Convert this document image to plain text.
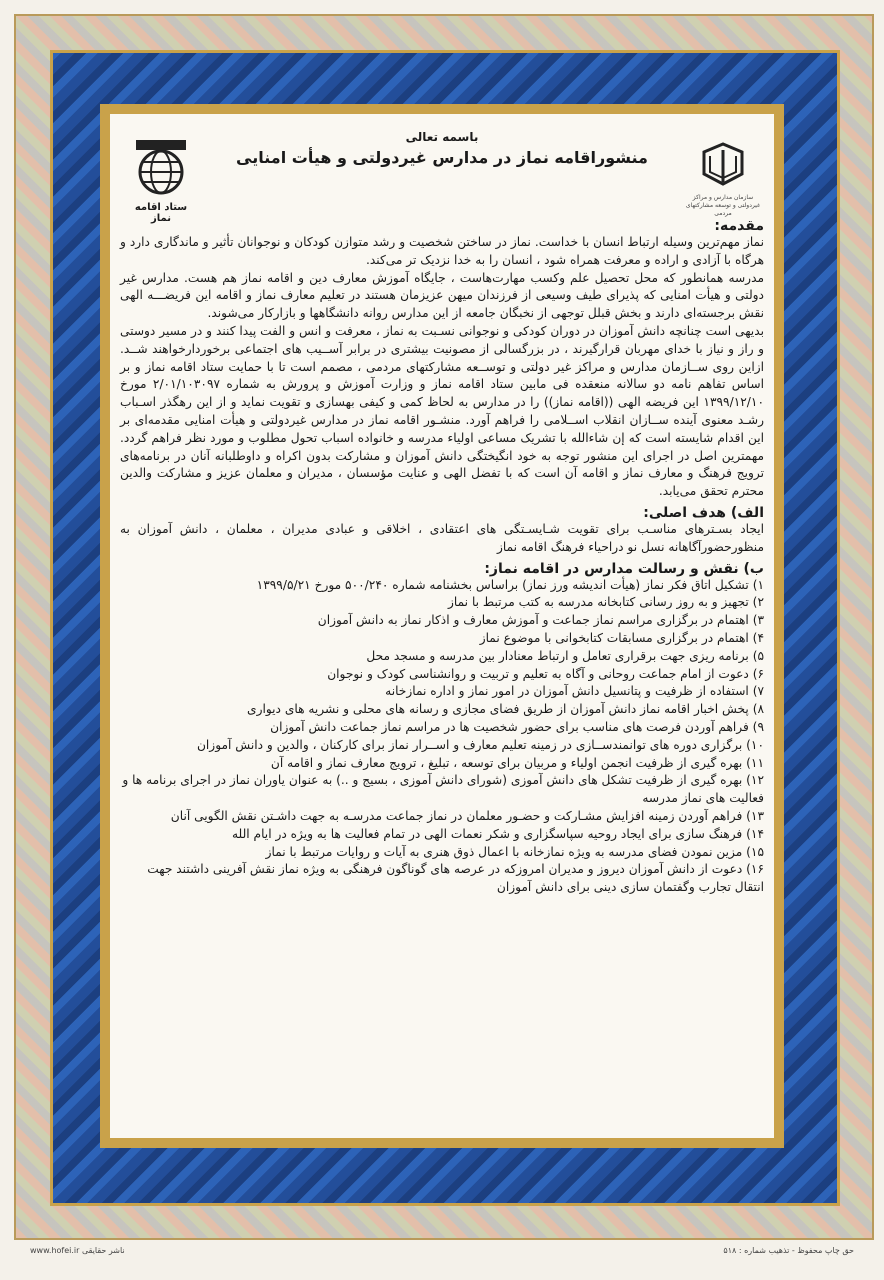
سازمان مدارس و مراکز غیردولتی و توسعه مشارکتهای مردمی
باسمه تعالی
منشوراقامه نماز در مدارس غیردولتی و هیأت امنایی
ستاد اقامه نماز	مقدمه:

نماز مهم‌ترین وسیله ارتباط انسان با خداست. نماز در ساختن شخصیت و رشد متوازن کودکان و نوجوانان تأثیر و ماندگاری دارد و هرگاه با آزادی و اراده و معرفت همراه شود ، انسان را به خدا نزدیک تر می‌کند.

مدرسه همانطور که محل تحصیل علم وکسب مهارت‌هاست ، جایگاه آموزش معارف دین و اقامه نماز هم هست. مدارس غیر دولتی و هیأت امنایی که پذیرای طیف وسیعی از فرزندان میهن عزیزمان هستند در تعلیم معارف نماز و اقامه این فریضـــه الهی نقش برجسته‌ای دارند و بخش قبلل توجهی از نخبگان جامعه از این مدارس روانه دانشگاهها و بازارکار می‌شوند.

بدیهی است چنانچه دانش آموزان در دوران کودکی و نوجوانی نسـبت به نماز ، معرفت و انس و الفت پیدا کنند و در مسیر دوستی و راز و نیاز با خدای مهربان قرارگیرند ، در بزرگسالی از مصونیت بیشتری در برابر آســیب های اجتماعی برخوردارخواهند شــد. ازاین روی ســازمان مدارس و مراکز غیر دولتی و توســعه مشارکتهای مردمی ، مصمم است تا با حمایت ستاد اقامه نماز و بر اساس تفاهم نامه دو سالانه منعقده فی مابین ستاد اقامه نماز و وزارت آموزش و پرورش به شماره ۲/۰۱/۱۰۳۰۹۷ مورخ ۱۳۹۹/۱۲/۱۰ این فریضه الهی ((اقامه نماز)) را در مدارس به لحاظ کمی و کیفی بهسازی و تقویت نماید و از این رهگذر اسـباب رشـد معنوی آینده ســازان انقلاب اســلامی را فراهم آورد. منشـور اقامه نماز در مدارس غیردولتی و هیأت امنایی مقدمه‌ای بر این اقدام شایسته است که إن شاءالله با تشریک مساعی اولیاء مدرسه و خانواده اسباب تحول مطلوب و مورد نظر فراهم گردد. مهمترین اصل در اجرای این منشور توجه به خود انگیختگی دانش آموزان و مشارکت بدون اکراه و داوطلبانه آنان در برنامه‌های ترویج فرهنگ و معارف نماز و اقامه آن است که با تفضل الهی و عنایت مؤسسان ، مدیران و معلمان عزیز و مشارکت والدین محترم تحقق می‌یابد.

الف) هدف اصلی:

ایجاد بسـترهای مناسـب برای تقویت شـایسـتگی های اعتقادی ، اخلاقی و عبادی مدیران ، معلمان ، دانش آموزان به منظورحضورآگاهانه نسل نو دراحیاء فرهنگ اقامه نماز

ب) نقش و رسالت مدارس در اقامه نماز:
۱) تشکیل اتاق فکر نماز (هیأت اندیشه ورز نماز) براساس بخشنامه شماره ۵۰۰/۲۴۰ مورخ ۱۳۹۹/۵/۲۱
۲) تجهیز و به روز رسانی کتابخانه مدرسه به کتب مرتبط با نماز
۳) اهتمام در برگزاری مراسم نماز جماعت و آموزش معارف و اذکار نماز به دانش آموزان
۴) اهتمام در برگزاری مسابقات کتابخوانی با موضوع نماز
۵) برنامه ریزی جهت برقراری تعامل و ارتباط معنادار بین مدرسه و مسجد محل
۶) دعوت از امام جماعت روحانی و آگاه به تعلیم و تربیت و روانشناسی کودک و نوجوان
۷) استفاده از ظرفیت و پتانسیل دانش آموزان در امور نماز و اداره نمازخانه
۸) پخش اخبار اقامه نماز دانش آموزان از طریق فضای مجازی و رسانه های محلی و نشریه های دیواری
۹) فراهم آوردن فرصت های مناسب برای حضور شخصیت ها در مراسم نماز جماعت دانش آموزان
۱۰) برگزاری دوره های توانمندســازی در زمینه تعلیم معارف و اســرار نماز برای کارکنان ، والدین و دانش آموزان
۱۱) بهره گیری از ظرفیت انجمن اولیاء و مربیان برای توسعه ، تبلیغ ، ترویج معارف نماز و اقامه آن
۱۲) بهره گیری از ظرفیت تشکل های دانش آموزی (شورای دانش آموزی ، بسیج و ..) به عنوان یاوران نماز در اجرای برنامه ها و فعالیت های نماز مدرسه
۱۳) فراهم آوردن زمینه افزایش مشـارکت و حضـور معلمان در نماز جماعت مدرسـه به جهت داشـتن نقش الگویی آنان
۱۴) فرهنگ سازی برای ایجاد روحیه سپاسگزاری و شکر نعمات الهی در تمام فعالیت ها به ویژه در ایام الله
۱۵) مزین نمودن فضای مدرسه به ویژه نمازخانه با اعمال ذوق هنری به آیات و روایات مرتبط با نماز
۱۶) دعوت از دانش آموزان دیروز و مدیران امروزکه در عرصه های گوناگون فرهنگی به ویژه نماز نقش آفرینی داشتند جهت انتقال تجارب وگفتمان سازی دینی برای دانش آموزان
www.hofei.ir ناشر حقایقی	حق چاپ محفوظ - تذهیب شماره : ۵۱۸
